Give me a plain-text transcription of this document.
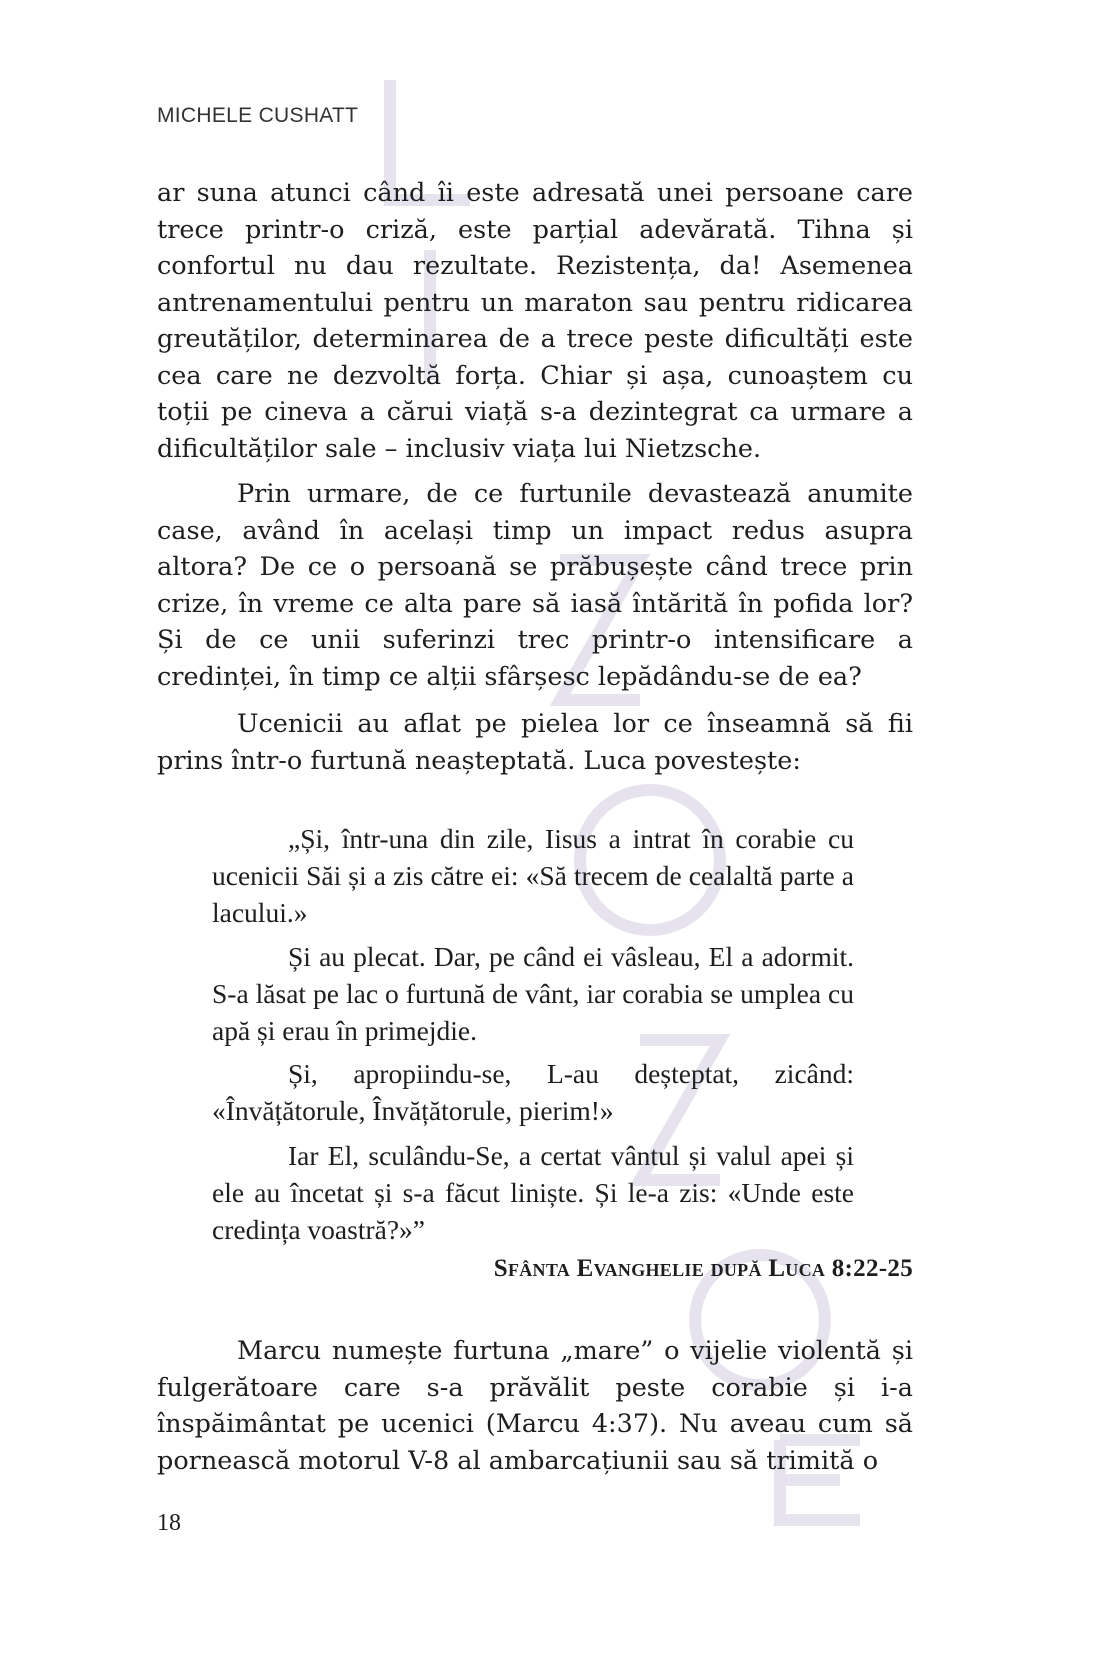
MICHELE CUSHATT

ar suna atunci când îi este adresată unei persoane care trece printr-o criză, este parțial adevărată. Tihna și confortul nu dau rezultate. Rezistența, da! Asemenea antrenamentului pentru un maraton sau pentru ridicarea greutăților, determinarea de a trece peste dificultăți este cea care ne dezvoltă forța. Chiar și așa, cunoaștem cu toții pe cineva a cărui viață s-a dezintegrat ca urmare a dificultăților sale – inclusiv viața lui Nietzsche.

Prin urmare, de ce furtunile devastează anumite case, având în același timp un impact redus asupra altora? De ce o persoană se prăbușește când trece prin crize, în vreme ce alta pare să iasă întărită în pofida lor? Și de ce unii suferinzi trec printr-o intensificare a credinței, în timp ce alții sfârșesc lepădându-se de ea?

Ucenicii au aflat pe pielea lor ce înseamnă să fii prins într-o furtună neașteptată. Luca povestește:

„Și, într-una din zile, Iisus a intrat în corabie cu ucenicii Săi și a zis către ei: «Să trecem de cealaltă parte a lacului.»

Și au plecat. Dar, pe când ei vâsleau, El a adormit. S-a lăsat pe lac o furtună de vânt, iar corabia se umplea cu apă și erau în primejdie.

Și, apropiindu-se, L-au deșteptat, zicând: «Învățătorule, Învățătorule, pierim!»

Iar El, sculându-Se, a certat vântul și valul apei și ele au încetat și s-a făcut liniște. Și le-a zis: «Unde este credința voastră?»”

Sfânta Evanghelie după Luca 8:22-25

Marcu numește furtuna „mare” o vijelie violentă și fulgerătoare care s-a prăvălit peste corabie și i-a înspăimântat pe ucenici (Marcu 4:37). Nu aveau cum să pornească motorul V-8 al ambarcațiunii sau să trimită o

18
